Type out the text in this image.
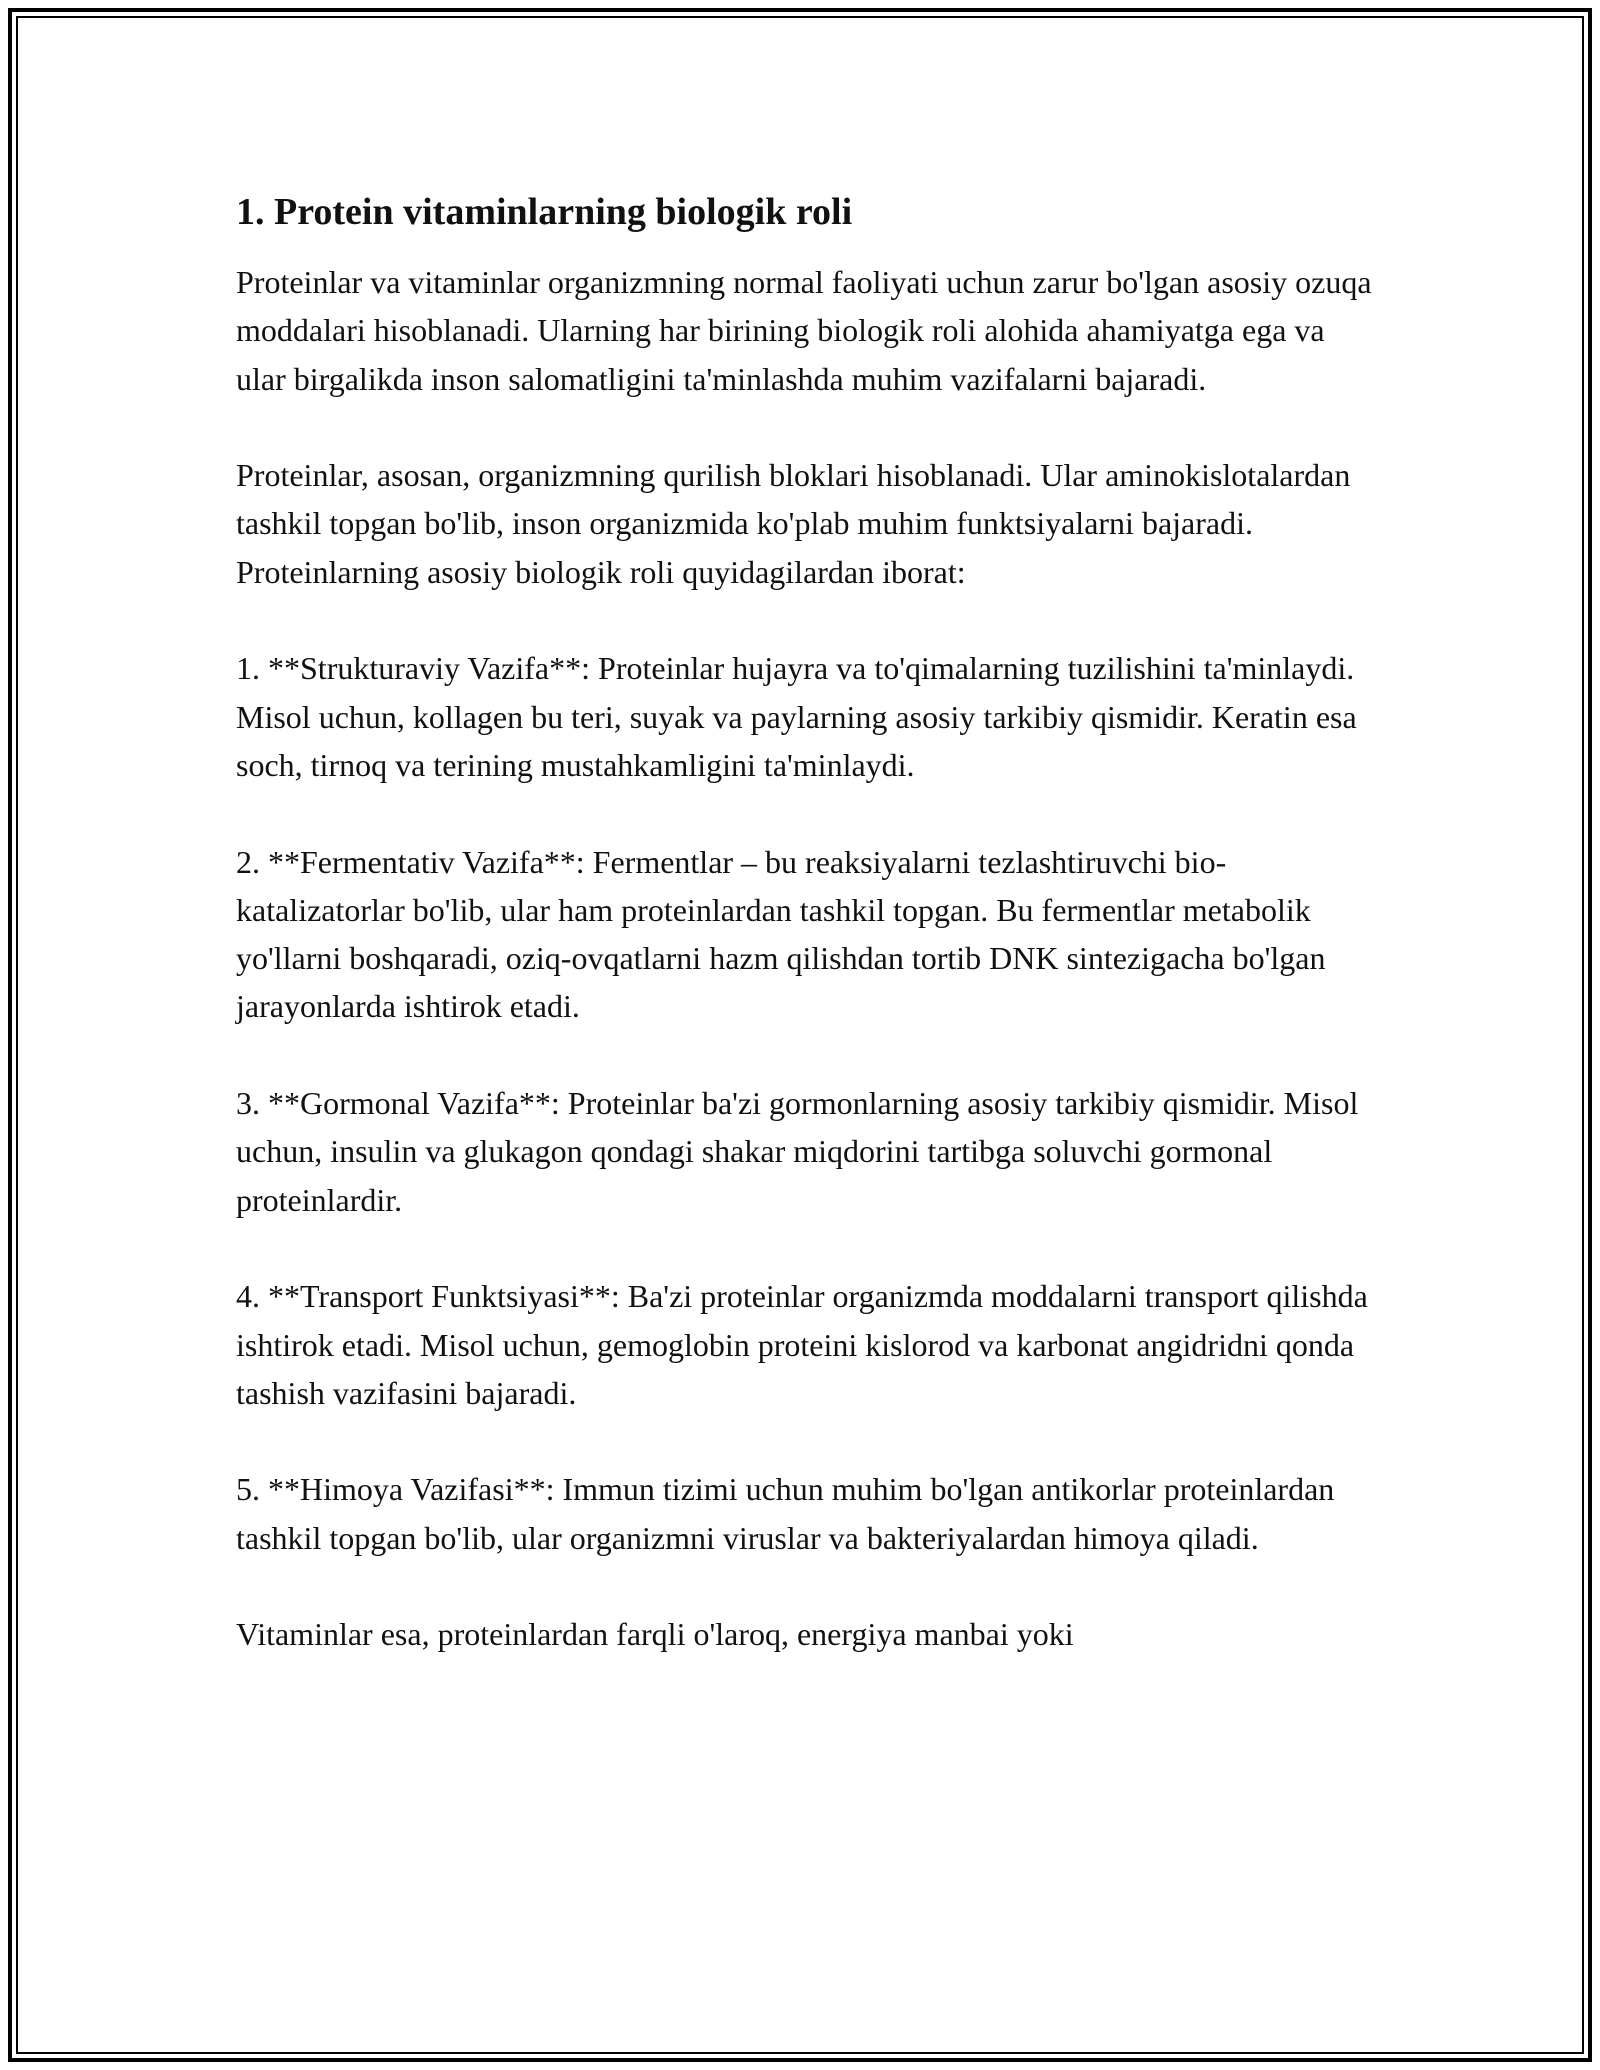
1. Protein vitaminlarning biologik roli

Proteinlar va vitaminlar organizmning normal faoliyati uchun zarur bo'lgan asosiy ozuqa moddalari hisoblanadi. Ularning har birining biologik roli alohida ahamiyatga ega va ular birgalikda inson salomatligini ta'minlashda muhim vazifalarni bajaradi.

Proteinlar, asosan, organizmning qurilish bloklari hisoblanadi. Ular aminokislotalardan tashkil topgan bo'lib, inson organizmida ko'plab muhim funktsiyalarni bajaradi. Proteinlarning asosiy biologik roli quyidagilardan iborat:

1. **Strukturaviy Vazifa**: Proteinlar hujayra va to'qimalarning tuzilishini ta'minlaydi. Misol uchun, kollagen bu teri, suyak va paylarning asosiy tarkibiy qismidir. Keratin esa soch, tirnoq va terining mustahkamligini ta'minlaydi.

2. **Fermentativ Vazifa**: Fermentlar – bu reaksiyalarni tezlashtiruvchi bio-katalizatorlar bo'lib, ular ham proteinlardan tashkil topgan. Bu fermentlar metabolik yo'llarni boshqaradi, oziq-ovqatlarni hazm qilishdan tortib DNK sintezigacha bo'lgan jarayonlarda ishtirok etadi.

3. **Gormonal Vazifa**: Proteinlar ba'zi gormonlarning asosiy tarkibiy qismidir. Misol uchun, insulin va glukagon qondagi shakar miqdorini tartibga soluvchi gormonal proteinlardir.

4. **Transport Funktsiyasi**: Ba'zi proteinlar organizmda moddalarni transport qilishda ishtirok etadi. Misol uchun, gemoglobin proteini kislorod va karbonat angidridni qonda tashish vazifasini bajaradi.

5. **Himoya Vazifasi**: Immun tizimi uchun muhim bo'lgan antikorlar proteinlardan tashkil topgan bo'lib, ular organizmni viruslar va bakteriyalardan himoya qiladi.

Vitaminlar esa, proteinlardan farqli o'laroq, energiya manbai yoki
